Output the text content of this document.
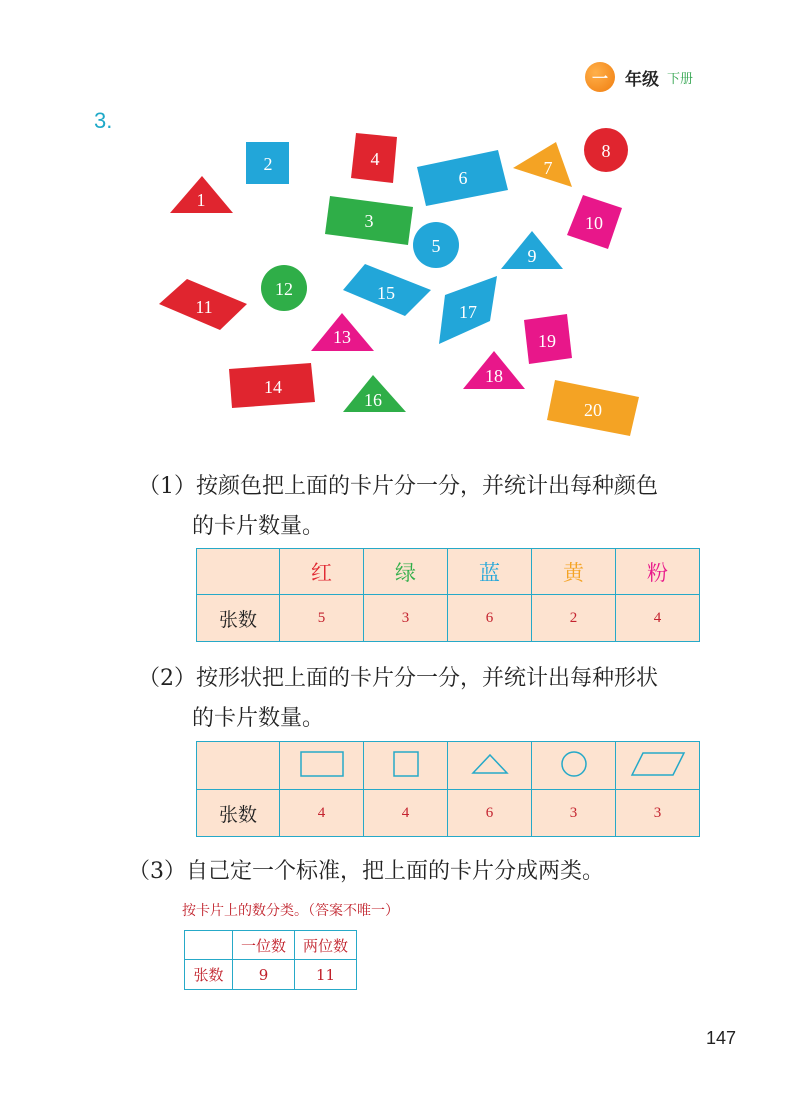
一 年级 下册
3.
1
2
3
4
5
6	7
8
9
10
11
12
13
14
15
16
17
18
19
20
（1）按颜色把上面的卡片分一分，并统计出每种颜色
的卡片数量。
	红	绿	蓝	黄	粉
张数	5	3	6	2	4
（2）按形状把上面的卡片分一分，并统计出每种形状
的卡片数量。

张数	4	4	6	3	3
（3）自己定一个标准，把上面的卡片分成两类。
按卡片上的数分类。（答案不唯一）
	一位数	两位数
张数	9	11
147
